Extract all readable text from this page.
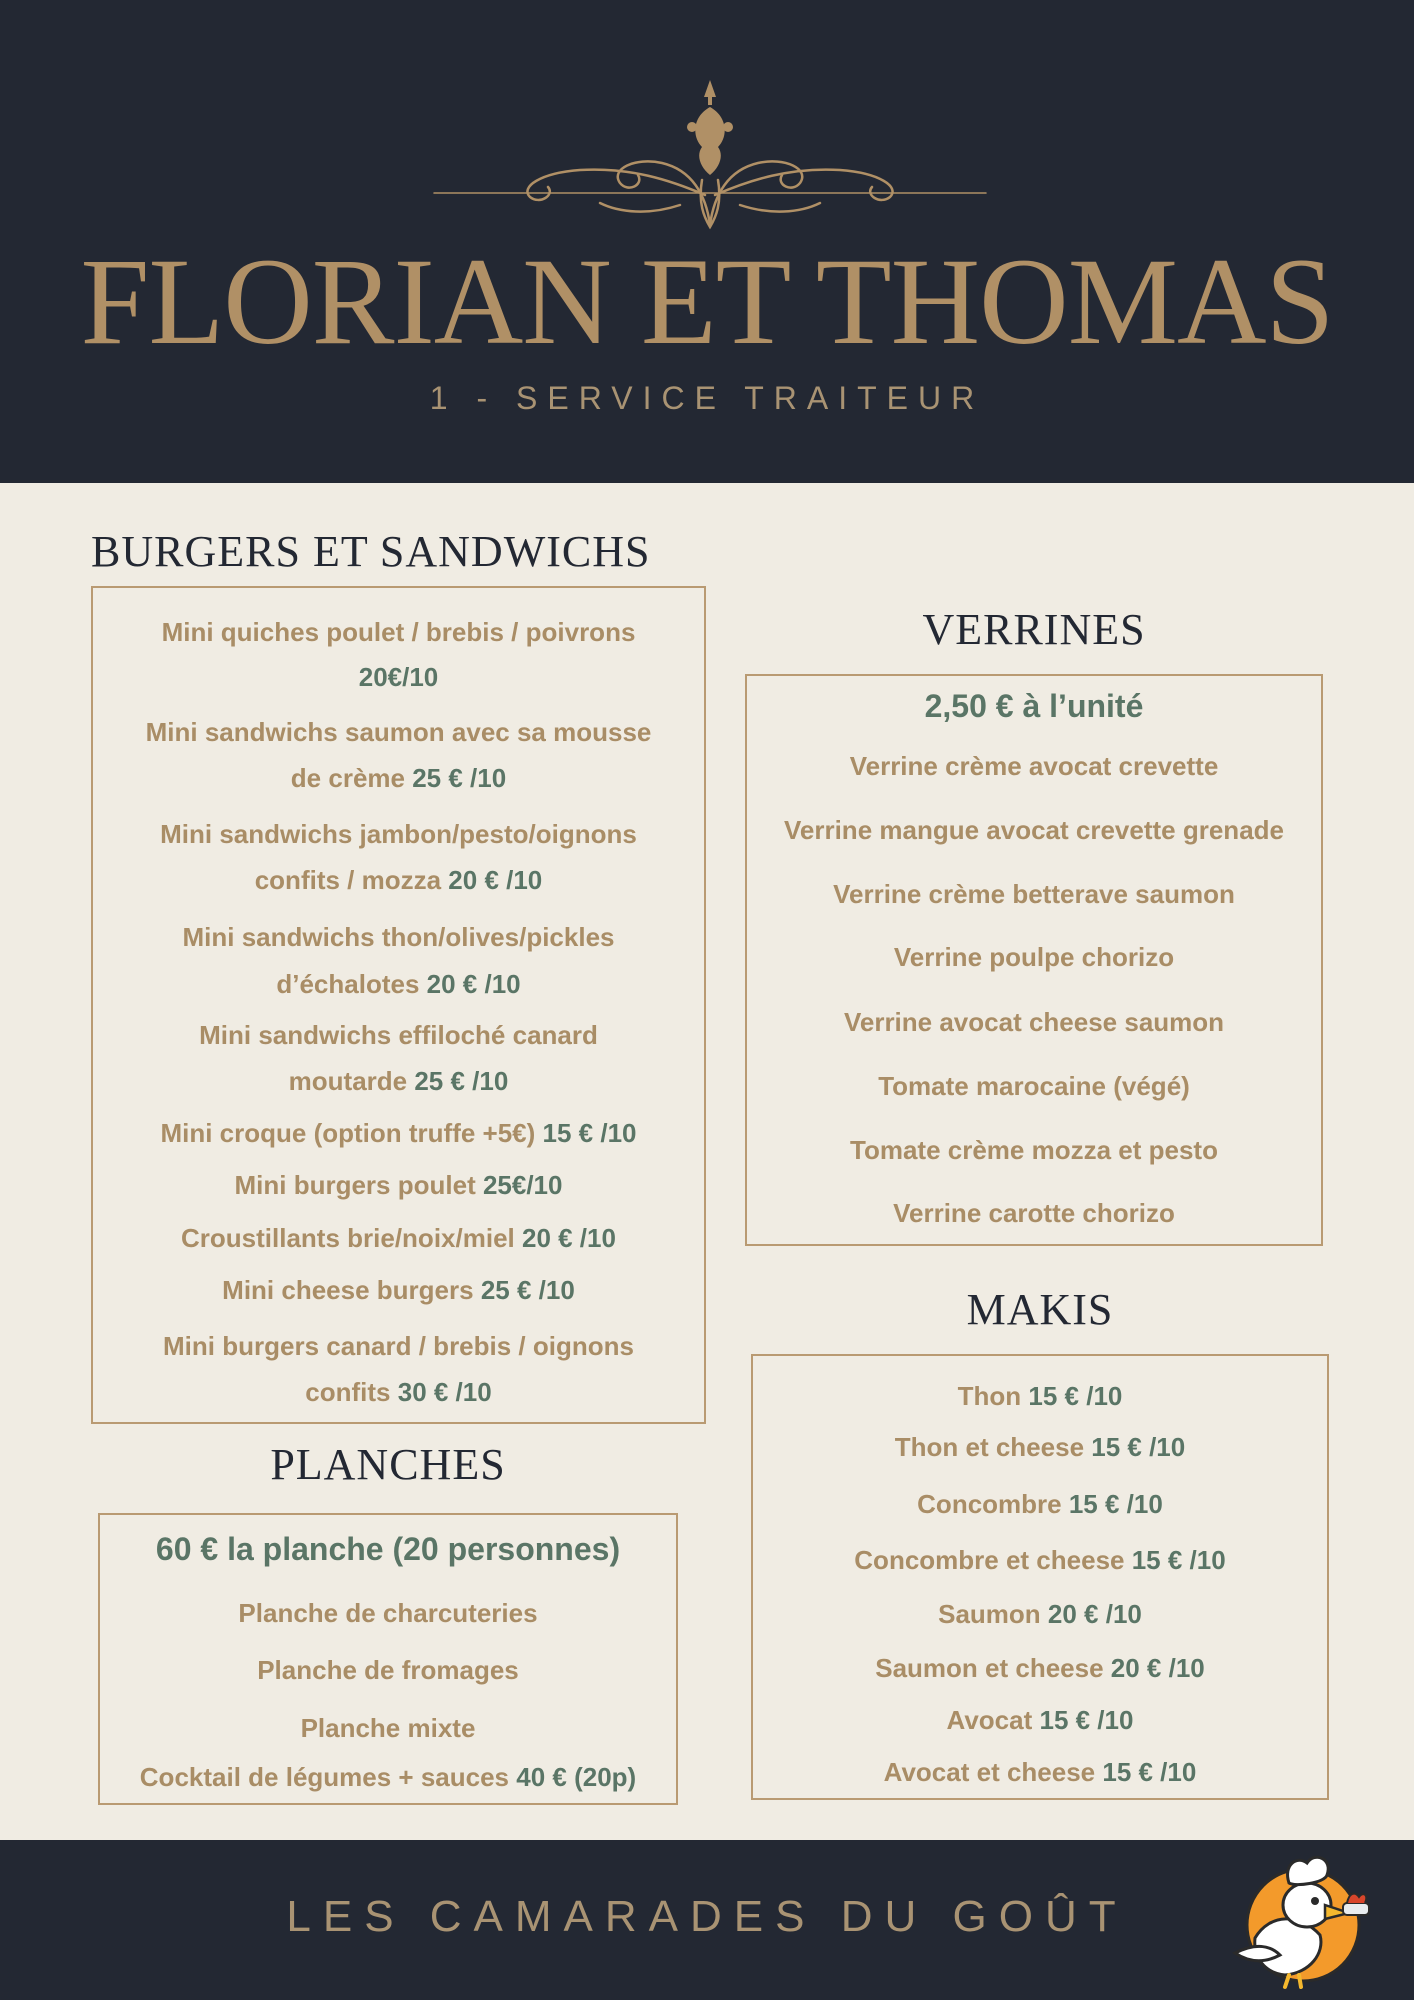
FLORIAN ET THOMAS
1 - SERVICE TRAITEUR
BURGERS ET SANDWICHS
Mini quiches poulet / brebis / poivrons
20€/10
Mini sandwichs saumon avec sa mousse
de crème 25 € /10
Mini sandwichs jambon/pesto/oignons
confits / mozza 20 € /10
Mini sandwichs thon/olives/pickles
d’échalotes 20 € /10
Mini sandwichs effiloché canard
moutarde 25 € /10
Mini croque (option truffe +5€) 15 € /10
Mini burgers poulet 25€/10
Croustillants brie/noix/miel 20 € /10
Mini cheese burgers 25 € /10
Mini burgers canard / brebis / oignons
confits 30 € /10
PLANCHES
60 € la planche (20 personnes)
Planche de charcuteries
Planche de fromages
Planche mixte
Cocktail de légumes + sauces 40 € (20p)
VERRINES
2,50 € à l’unité
Verrine crème avocat crevette
Verrine mangue avocat crevette grenade
Verrine crème betterave saumon
Verrine poulpe chorizo
Verrine avocat cheese saumon
Tomate marocaine (végé)
Tomate crème mozza et pesto
Verrine carotte chorizo
MAKIS
Thon 15 € /10
Thon et cheese 15 € /10
Concombre 15 € /10
Concombre et cheese 15 € /10
Saumon 20 € /10
Saumon et cheese 20 € /10
Avocat 15 € /10
Avocat et cheese 15 € /10
LES CAMARADES DU GOÛT
